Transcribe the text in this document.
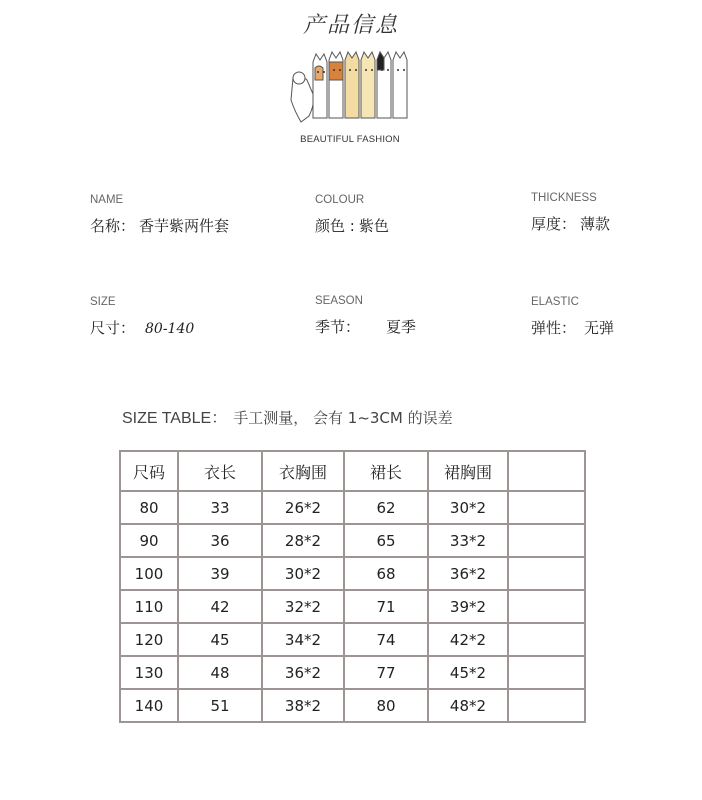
产品信息
BEAUTIFUL FASHION
NAME
名称： 香芋紫两件套
COLOUR
颜色 : 紫色
THICKNESS
厚度： 薄款
SIZE
尺寸： 80-140
SEASON
季节： 夏季
ELASTIC
弹性： 无弹
SIZE TABLE： 手工测量， 会有 1~3CM 的误差
尺码	衣长	衣胸围	裙长	裙胸围	
80	33	26*2	62	30*2	
90	36	28*2	65	33*2	
100	39	30*2	68	36*2	
110	42	32*2	71	39*2	
120	45	34*2	74	42*2	
130	48	36*2	77	45*2	
140	51	38*2	80	48*2	
